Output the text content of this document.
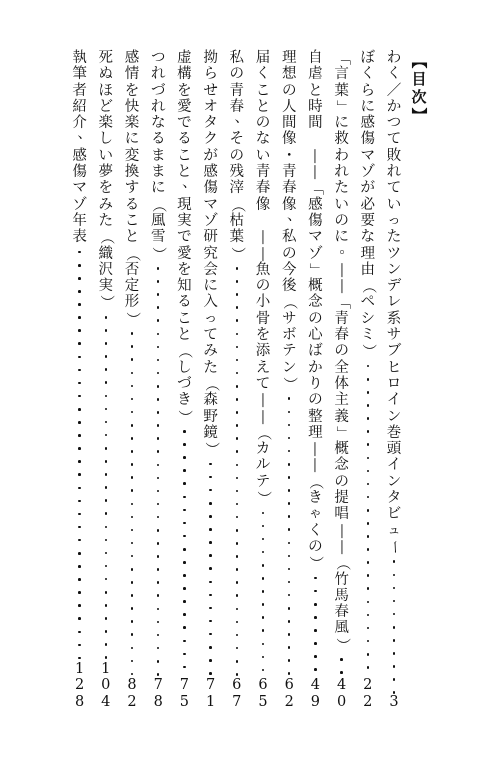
【
目
次
】
わ
く
／
か
つ
て
敗
れ
て
い
っ
た
ツ
ン
デ
レ
系
サ
ブ
ヒ
ロ
イ
ン
巻
頭
イ
ン
タ
ビ
ュ
ー
3
ぼ
く
ら
に
感
傷
マ
ゾ
が
必
要
な
理
由
（
ペ
シ
ミ
）
2
2
「
言
葉
」
に
救
わ
れ
た
い
の
に
。
―
―
「
青
春
の
全
体
主
義
」
概
念
の
提
唱
―
―
（
竹
馬
春
風
）
4
0
自
虐
と
時
間

―
―
「
感
傷
マ
ゾ
」
概
念
の
心
ば
か
り
の
整
理
―
―
（
き
ゃ
く
の
）
4
9
理
想
の
人
間
像
・
青
春
像
、
私
の
今
後
（
サ
ボ
テ
ン
）
6
2
届
く
こ
と
の
な
い
青
春
像

―
―
魚
の
小
骨
を
添
え
て
―
―
（
カ
ル
テ
）
6
5
私
の
青
春
、
そ
の
残
滓
（
枯
葉
）
6
7
拗
ら
せ
オ
タ
ク
が
感
傷
マ
ゾ
研
究
会
に
入
っ
て
み
た
（
森
野
鏡
）
7
1
虚
構
を
愛
で
る
こ
と
、
現
実
で
愛
を
知
る
こ
と
（
し
づ
き
）
7
5
つ
れ
づ
れ
な
る
ま
ま
に
（
風
雪
）
7
8
感
情
を
快
楽
に
変
換
す
る
こ
と
（
否
定
形
）
8
2
死
ぬ
ほ
ど
楽
し
い
夢
を
み
た
（
織
沢
実
）
1
0
4
執
筆
者
紹
介
、
感
傷
マ
ゾ
年
表
1
2
8
